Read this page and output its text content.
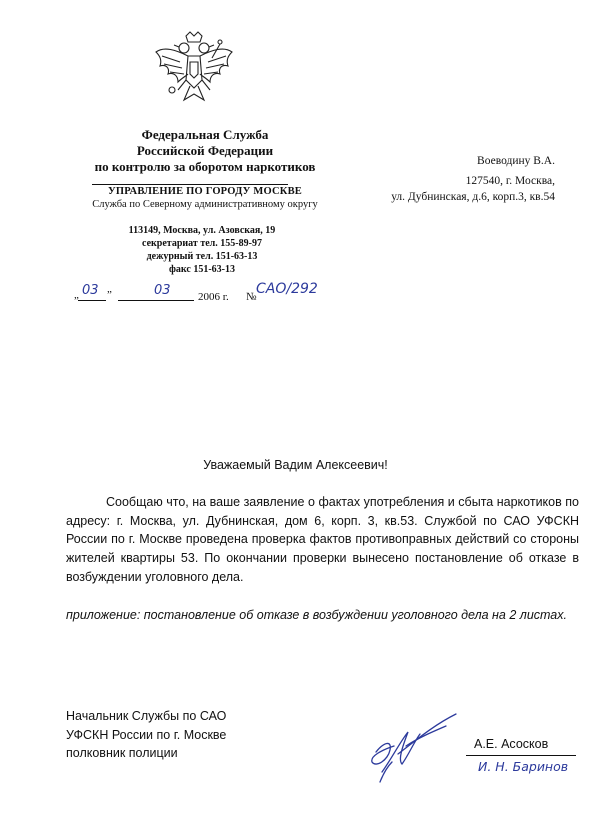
Федеральная Служба
Российской Федерации
по контролю за оборотом наркотиков
УПРАВЛЕНИЕ ПО ГОРОДУ МОСКВЕ
Служба по Северному административному округу
113149, Москва, ул. Азовская, 19
секретариат тел. 155-89-97
дежурный тел. 151-63-13
факс 151-63-13
„ 03 ”	03 2006 г. № САО/292
Воеводину В.А.
127540, г. Москва,
ул. Дубнинская, д.6, корп.3, кв.54
Уважаемый Вадим Алексеевич!
Сообщаю что, на ваше заявление о фактах употребления и сбыта наркотиков по адресу: г. Москва, ул. Дубнинская, дом 6, корп. 3, кв.53. Службой по САО УФСКН России по г. Москве проведена проверка фактов противоправных действий со стороны жителей квартиры 53. По окончании проверки вынесено постановление об отказе в возбуждении уголовного дела.
приложение: постановление об отказе в возбуждении уголовного дела на 2 листах.
Начальник Службы по САО
УФСКН России по г. Москве
полковник полиции
А.Е. Асосков
И. Н. Баринов
